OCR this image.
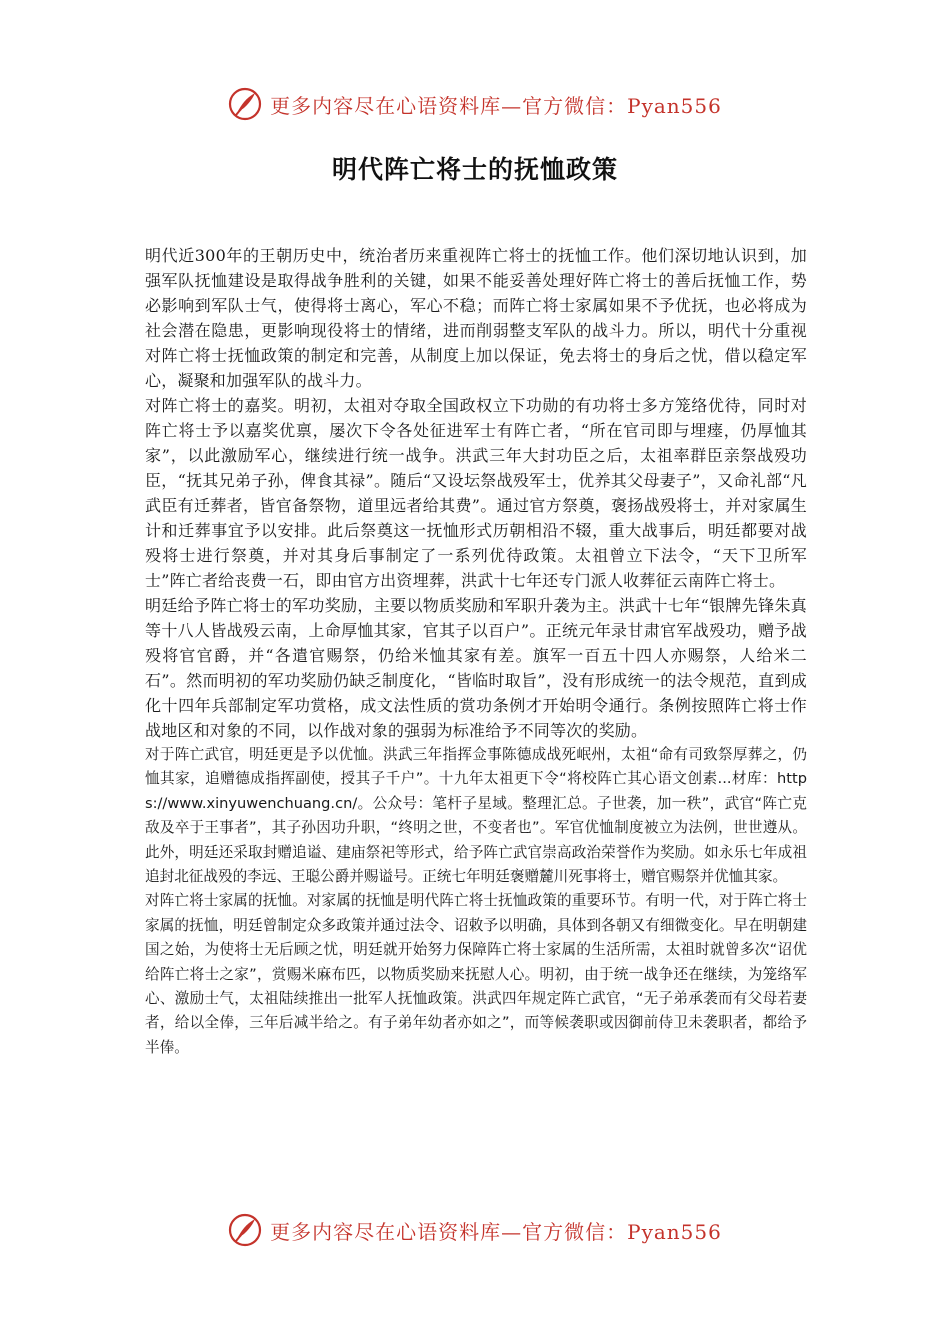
更多内容尽在心语资料库—官方微信：Pyan556
明代阵亡将士的抚恤政策

明代近300年的王朝历史中，统治者历来重视阵亡将士的抚恤工作。他们深切地认识到，加强军队抚恤建设是取得战争胜利的关键，如果不能妥善处理好阵亡将士的善后抚恤工作，势必影响到军队士气，使得将士离心，军心不稳；而阵亡将士家属如果不予优抚，也必将成为社会潜在隐患，更影响现役将士的情绪，进而削弱整支军队的战斗力。所以，明代十分重视对阵亡将士抚恤政策的制定和完善，从制度上加以保证，免去将士的身后之忧，借以稳定军心，凝聚和加强军队的战斗力。

对阵亡将士的嘉奖。明初，太祖对夺取全国政权立下功勋的有功将士多方笼络优待，同时对阵亡将士予以嘉奖优禀，屡次下令各处征进军士有阵亡者，“所在官司即与埋瘗，仍厚恤其家”，以此激励军心，继续进行统一战争。洪武三年大封功臣之后，太祖率群臣亲祭战殁功臣，“抚其兄弟子孙，俾食其禄”。随后“又设坛祭战殁军士，优养其父母妻子”，又命礼部“凡武臣有迁葬者，皆官备祭物，道里远者给其费”。通过官方祭奠，褒扬战殁将士，并对家属生计和迁葬事宜予以安排。此后祭奠这一抚恤形式历朝相沿不辍，重大战事后，明廷都要对战殁将士进行祭奠，并对其身后事制定了一系列优待政策。太祖曾立下法令，“天下卫所军士”阵亡者给丧费一石，即由官方出资埋葬，洪武十七年还专门派人收葬征云南阵亡将士。

明廷给予阵亡将士的军功奖励，主要以物质奖励和军职升袭为主。洪武十七年“银牌先锋朱真等十八人皆战殁云南，上命厚恤其家，官其子以百户”。正统元年录甘肃官军战殁功，赠予战殁将官官爵，并“各遣官赐祭，仍给米恤其家有差。旗军一百五十四人亦赐祭，人给米二石”。然而明初的军功奖励仍缺乏制度化，“皆临时取旨”，没有形成统一的法令规范，直到成化十四年兵部制定军功赏格，成文法性质的赏功条例才开始明令通行。条例按照阵亡将士作战地区和对象的不同，以作战对象的强弱为标准给予不同等次的奖励。

对于阵亡武官，明廷更是予以优恤。洪武三年指挥佥事陈德成战死岷州，太祖“命有司致祭厚葬之，仍恤其家，追赠德成指挥副使，授其子千户”。十九年太祖更下令“将校阵亡其心语文创素...材库：https://www.xinyuwenchuang.cn/。公众号：笔杆子星域。整理汇总。子世袭，加一秩”，武官“阵亡克敌及卒于王事者”，其子孙因功升职，“终明之世，不变者也”。军官优恤制度被立为法例，世世遵从。此外，明廷还采取封赠追谥、建庙祭祀等形式，给予阵亡武官崇高政治荣誉作为奖励。如永乐七年成祖追封北征战殁的李远、王聪公爵并赐谥号。正统七年明廷褒赠麓川死事将士，赠官赐祭并优恤其家。

对阵亡将士家属的抚恤。对家属的抚恤是明代阵亡将士抚恤政策的重要环节。有明一代，对于阵亡将士家属的抚恤，明廷曾制定众多政策并通过法令、诏敕予以明确，具体到各朝又有细微变化。早在明朝建国之始，为使将士无后顾之忧，明廷就开始努力保障阵亡将士家属的生活所需，太祖时就曾多次“诏优给阵亡将士之家”，赏赐米麻布匹，以物质奖励来抚慰人心。明初，由于统一战争还在继续，为笼络军心、激励士气，太祖陆续推出一批军人抚恤政策。洪武四年规定阵亡武官，“无子弟承袭而有父母若妻者，给以全俸，三年后减半给之。有子弟年幼者亦如之”，而等候袭职或因御前侍卫未袭职者，都给予半俸。

更多内容尽在心语资料库—官方微信：Pyan556
